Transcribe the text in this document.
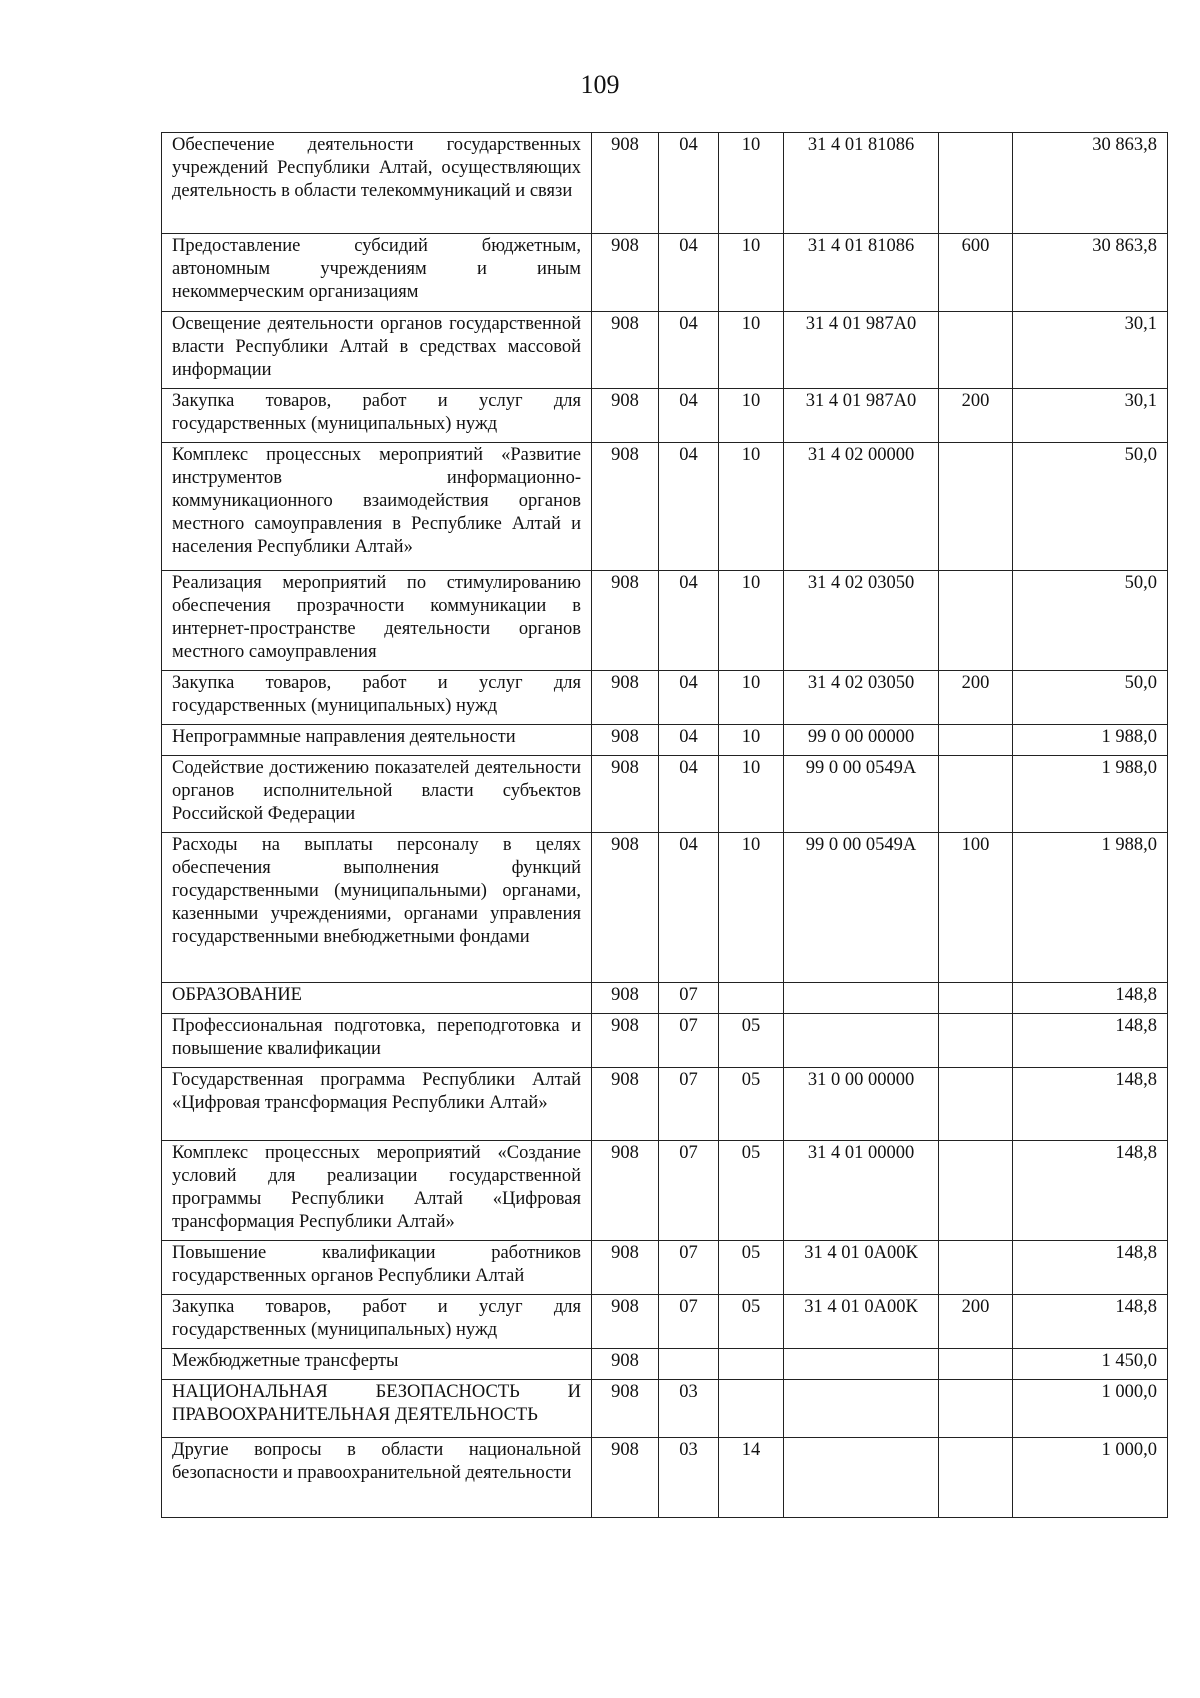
109
Обеспечение деятельности государственных учреждений Республики Алтай, осуществляющих деятельность в области телекоммуникаций и связи	908	04	10	31 4 01 81086		30 863,8
Предоставление субсидий бюджетным, автономным учреждениям и иным некоммерческим организациям	908	04	10	31 4 01 81086	600	30 863,8
Освещение деятельности органов государственной власти Республики Алтай в средствах массовой информации	908	04	10	31 4 01 987А0		30,1
Закупка товаров, работ и услуг для государственных (муниципальных) нужд	908	04	10	31 4 01 987А0	200	30,1
Комплекс процессных мероприятий «Развитие инструментов информационно-коммуникационного взаимодействия органов местного самоуправления в Республике Алтай и населения Республики Алтай»	908	04	10	31 4 02 00000		50,0
Реализация мероприятий по стимулированию обеспечения прозрачности коммуникации в интернет-пространстве деятельности органов местного самоуправления	908	04	10	31 4 02 03050		50,0
Закупка товаров, работ и услуг для государственных (муниципальных) нужд	908	04	10	31 4 02 03050	200	50,0
Непрограммные направления деятельности	908	04	10	99 0 00 00000		1 988,0
Содействие достижению показателей деятельности органов исполнительной власти субъектов Российской Федерации	908	04	10	99 0 00 0549А		1 988,0
Расходы на выплаты персоналу в целях обеспечения выполнения функций государственными (муниципальными) органами, казенными учреждениями, органами управления государственными внебюджетными фондами	908	04	10	99 0 00 0549А	100	1 988,0
ОБРАЗОВАНИЕ	908	07				148,8
Профессиональная подготовка, переподготовка и повышение квалификации	908	07	05			148,8
Государственная программа Республики Алтай «Цифровая трансформация Республики Алтай»	908	07	05	31 0 00 00000		148,8
Комплекс процессных мероприятий «Создание условий для реализации государственной программы Республики Алтай «Цифровая трансформация Республики Алтай»	908	07	05	31 4 01 00000		148,8
Повышение квалификации работников государственных органов Республики Алтай	908	07	05	31 4 01 0А00К		148,8
Закупка товаров, работ и услуг для государственных (муниципальных) нужд	908	07	05	31 4 01 0А00К	200	148,8
Межбюджетные трансферты	908					1 450,0
НАЦИОНАЛЬНАЯ БЕЗОПАСНОСТЬ И ПРАВООХРАНИТЕЛЬНАЯ ДЕЯТЕЛЬНОСТЬ	908	03				1 000,0
Другие вопросы в области национальной безопасности и правоохранительной деятельности	908	03	14			1 000,0
